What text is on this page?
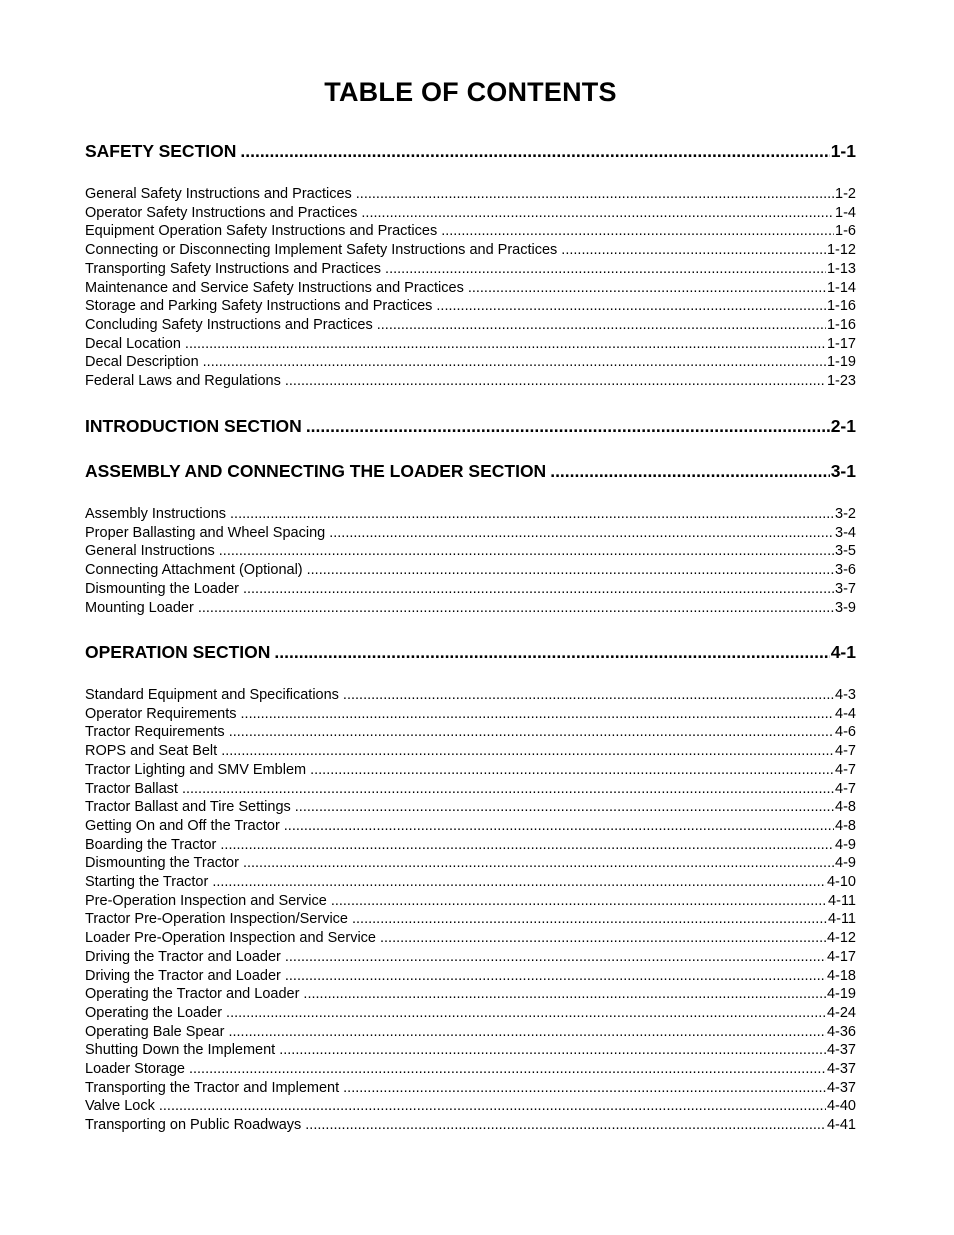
TABLE OF CONTENTS
SAFETY SECTION .....	1-1
General Safety Instructions and Practices .....	1-2
Operator Safety Instructions and Practices .....	1-4
Equipment Operation Safety Instructions and Practices .....	1-6
Connecting or Disconnecting Implement Safety Instructions and Practices .....	1-12
Transporting Safety Instructions and Practices .....	1-13
Maintenance and Service Safety Instructions and Practices .....	1-14
Storage and Parking Safety Instructions and Practices .....	1-16
Concluding Safety Instructions and Practices .....	1-16
Decal Location .....	1-17
Decal Description .....	1-19
Federal Laws and Regulations .....	1-23
INTRODUCTION SECTION .....	2-1
ASSEMBLY AND CONNECTING THE LOADER SECTION .....	3-1
Assembly Instructions .....	3-2
Proper Ballasting and Wheel Spacing .....	3-4
General Instructions .....	3-5
Connecting Attachment (Optional) .....	3-6
Dismounting the Loader .....	3-7
Mounting Loader .....	3-9
OPERATION SECTION .....	4-1
Standard Equipment and Specifications .....	4-3
Operator Requirements .....	4-4
Tractor Requirements .....	4-6
ROPS and Seat Belt .....	4-7
Tractor Lighting and SMV Emblem .....	4-7
Tractor Ballast .....	4-7
Tractor Ballast and Tire Settings .....	4-8
Getting On and Off the Tractor .....	4-8
Boarding the Tractor .....	4-9
Dismounting the Tractor .....	4-9
Starting the Tractor .....	4-10
Pre-Operation Inspection and Service .....	4-11
Tractor Pre-Operation Inspection/Service .....	4-11
Loader Pre-Operation Inspection and Service .....	4-12
Driving the Tractor and Loader .....	4-17
Driving the Tractor and Loader .....	4-18
Operating the Tractor and Loader .....	4-19
Operating the Loader .....	4-24
Operating Bale Spear .....	4-36
Shutting Down the Implement .....	4-37
Loader Storage .....	4-37
Transporting the Tractor and Implement .....	4-37
Valve Lock .....	4-40
Transporting on Public Roadways .....	4-41
